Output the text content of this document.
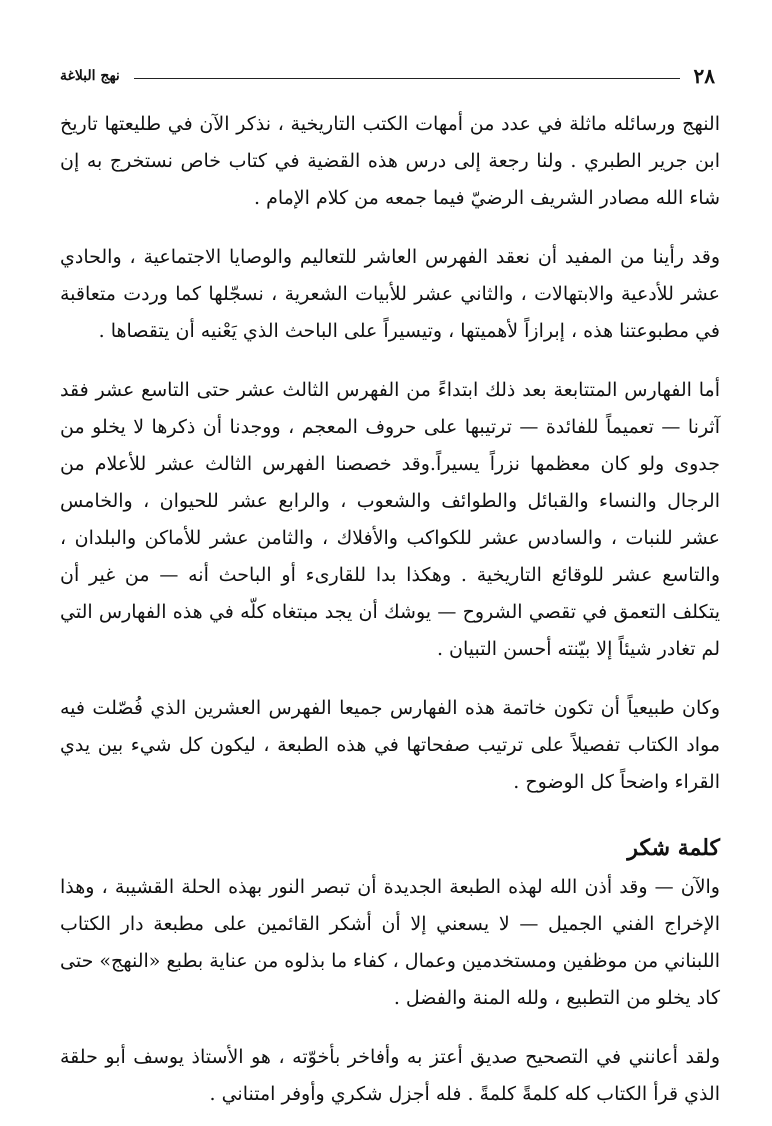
٢٨
نهج البلاغة

النهج ورسائله ماثلة في عدد من أمهات الكتب التاريخية ، نذكر الآن في طليعتها تاريخ ابن جرير الطبري . ولنا رجعة إلى درس هذه القضية في كتاب خاص نستخرج به إن شاء الله مصادر الشريف الرضيّ فيما جمعه من كلام الإمام .

وقد رأينا من المفيد أن نعقد الفهرس العاشر للتعاليم والوصايا الاجتماعية ، والحادي عشر للأدعية والابتهالات ، والثاني عشر للأبيات الشعرية ، نسجّلها كما وردت متعاقبة في مطبوعتنا هذه ، إبرازاً لأهميتها ، وتيسيراً على الباحث الذي يَعْنيه أن يتقصاها .

أما الفهارس المتتابعة بعد ذلك ابتداءً من الفهرس الثالث عشر حتى التاسع عشر فقد آثرنا — تعميماً للفائدة — ترتيبها على حروف المعجم ، ووجدنا أن ذكرها لا يخلو من جدوى ولو كان معظمها نزراً يسيراً.وقد خصصنا الفهرس الثالث عشر للأعلام من الرجال والنساء والقبائل والطوائف والشعوب ، والرابع عشر للحيوان ، والخامس عشر للنبات ، والسادس عشر للكواكب والأفلاك ، والثامن عشر للأماكن والبلدان ، والتاسع عشر للوقائع التاريخية . وهكذا بدا للقارىء أو الباحث أنه — من غير أن يتكلف التعمق في تقصي الشروح — يوشك أن يجد مبتغاه كلّه في هذه الفهارس التي لم تغادر شيئاً إلا بيّنته أحسن التبيان .

وكان طبيعياً أن تكون خاتمة هذه الفهارس جميعا الفهرس العشرين الذي فُصّلت فيه مواد الكتاب تفصيلاً على ترتيب صفحاتها في هذه الطبعة ، ليكون كل شيء بين يدي القراء واضحاً كل الوضوح .

كلمة شكر

والآن — وقد أذن الله لهذه الطبعة الجديدة أن تبصر النور بهذه الحلة القشيبة ، وهذا الإخراج الفني الجميل — لا يسعني إلا أن أشكر القائمين على مطبعة دار الكتاب اللبناني من موظفين ومستخدمين وعمال ، كفاء ما بذلوه من عناية بطبع «النهج» حتى كاد يخلو من التطبيع ، ولله المنة والفضل .

ولقد أعانني في التصحيح صديق أعتز به وأفاخر بأخوّته ، هو الأستاذ يوسف أبو حلقة الذي قرأ الكتاب كله كلمةً كلمةً . فله أجزل شكري وأوفر امتناني .
